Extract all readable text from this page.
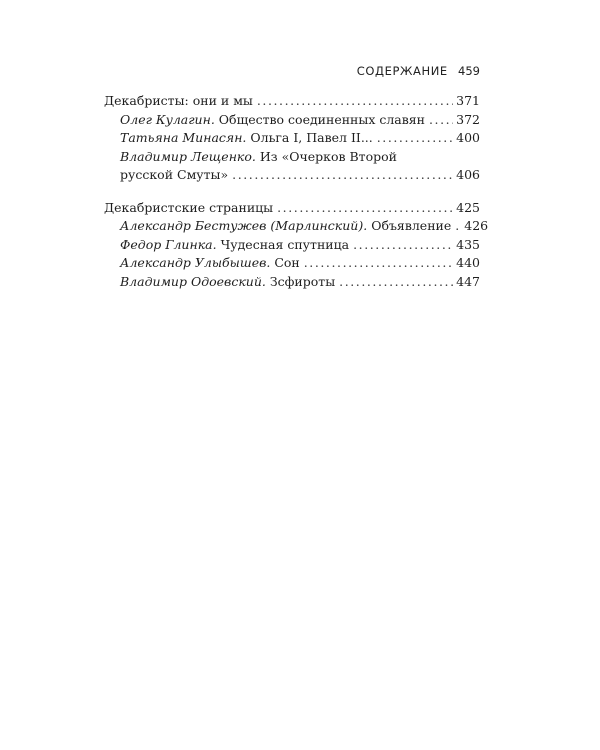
СОДЕРЖАНИЕ 459
Декабристы: они и мы . . .	371
Олег Кулагин. Общество соединенных славян . . . 372
Татьяна Минасян. Ольга I, Павел II... . . .	400
Владимир Лещенко. Из «Очерков Второй
русской Смуты» . . .	406
Декабристские страницы . . .	425
Александр Бестужев (Марлинский). Объявление . . . 426
Федор Глинка. Чудесная спутница . . .	435
Александр Улыбышев. Сон . . .	440
Владимир Одоевский. Зсфироты . . .	447
